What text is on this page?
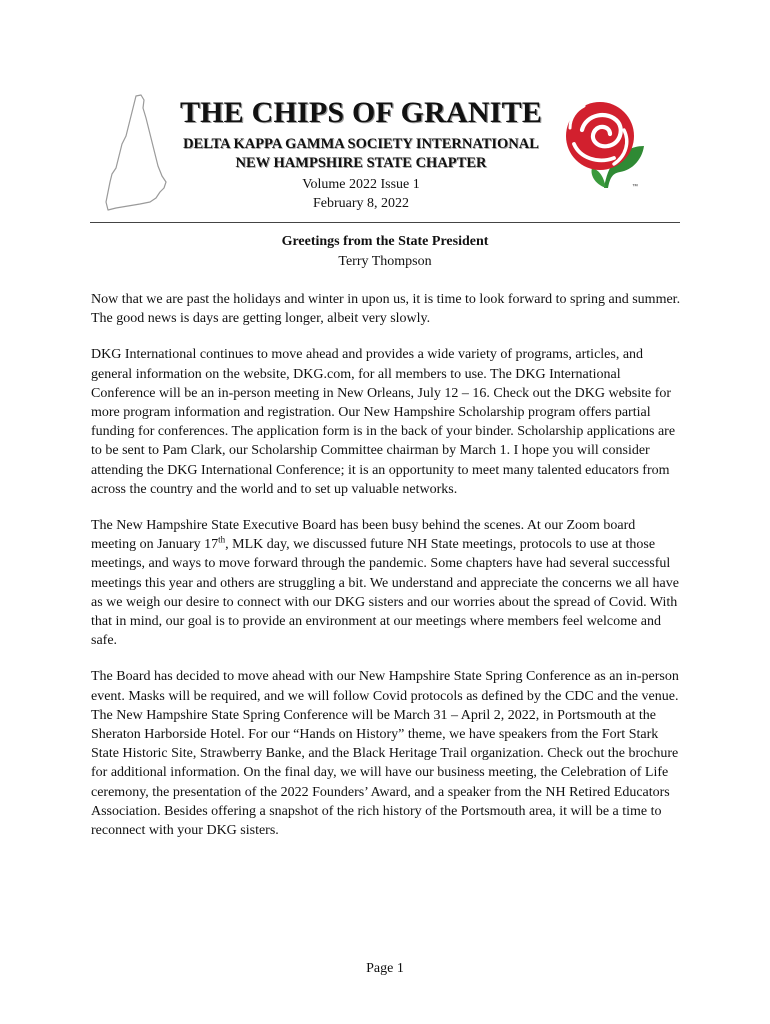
THE CHIPS OF GRANITE
DELTA KAPPA GAMMA SOCIETY INTERNATIONAL
NEW HAMPSHIRE STATE CHAPTER
Volume 2022 Issue 1
February 8, 2022
™
Greetings from the State President
Terry Thompson

Now that we are past the holidays and winter in upon us, it is time to look forward to spring and summer. The good news is days are getting longer, albeit very slowly.

DKG International continues to move ahead and provides a wide variety of programs, articles, and general information on the website, DKG.com, for all members to use. The DKG International Conference will be an in-person meeting in New Orleans, July 12 – 16. Check out the DKG website for more program information and registration. Our New Hampshire Scholarship program offers partial funding for conferences. The application form is in the back of your binder. Scholarship applications are to be sent to Pam Clark, our Scholarship Committee chairman by March 1. I hope you will consider attending the DKG International Conference; it is an opportunity to meet many talented educators from across the country and the world and to set up valuable networks.

The New Hampshire State Executive Board has been busy behind the scenes. At our Zoom board meeting on January 17th, MLK day, we discussed future NH State meetings, protocols to use at those meetings, and ways to move forward through the pandemic. Some chapters have had several successful meetings this year and others are struggling a bit. We understand and appreciate the concerns we all have as we weigh our desire to connect with our DKG sisters and our worries about the spread of Covid. With that in mind, our goal is to provide an environment at our meetings where members feel welcome and safe.

The Board has decided to move ahead with our New Hampshire State Spring Conference as an in-person event. Masks will be required, and we will follow Covid protocols as defined by the CDC and the venue. The New Hampshire State Spring Conference will be March 31 – April 2, 2022, in Portsmouth at the Sheraton Harborside Hotel. For our “Hands on History” theme, we have speakers from the Fort Stark State Historic Site, Strawberry Banke, and the Black Heritage Trail organization. Check out the brochure for additional information. On the final day, we will have our business meeting, the Celebration of Life ceremony, the presentation of the 2022 Founders’ Award, and a speaker from the NH Retired Educators Association. Besides offering a snapshot of the rich history of the Portsmouth area, it will be a time to reconnect with your DKG sisters.

Page 1
